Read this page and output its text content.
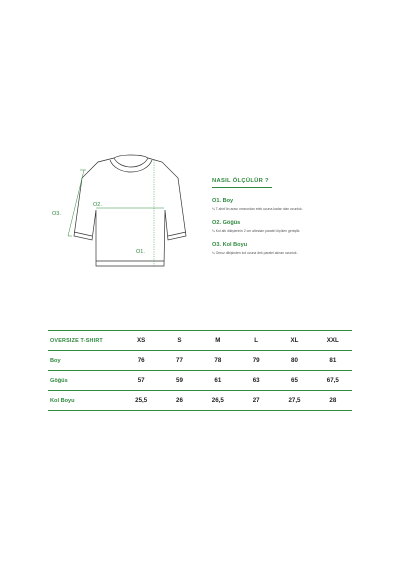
O1.
O2.
O3.
NASIL ÖLÇÜLÜR ?
O1. Boy
¼ T-shirt'ün arası omzundan etek ucuna kadar olan uzunluk.
O2. Göğüs
¼ Kol altı dikişlerinin 2 cm altından paralel ölçülen genişlik.
O3. Kol Boyu
¼ Omuz dikişinden kol ucuna dek paralel alınan uzunluk.
OVERSIZE T-SHIRT	XS	S	M	L	XL	XXL
Boy	76	77	78	79	80	81
Göğüs	57	59	61	63	65	67,5
Kol Boyu	25,5	26	26,5	27	27,5	28
